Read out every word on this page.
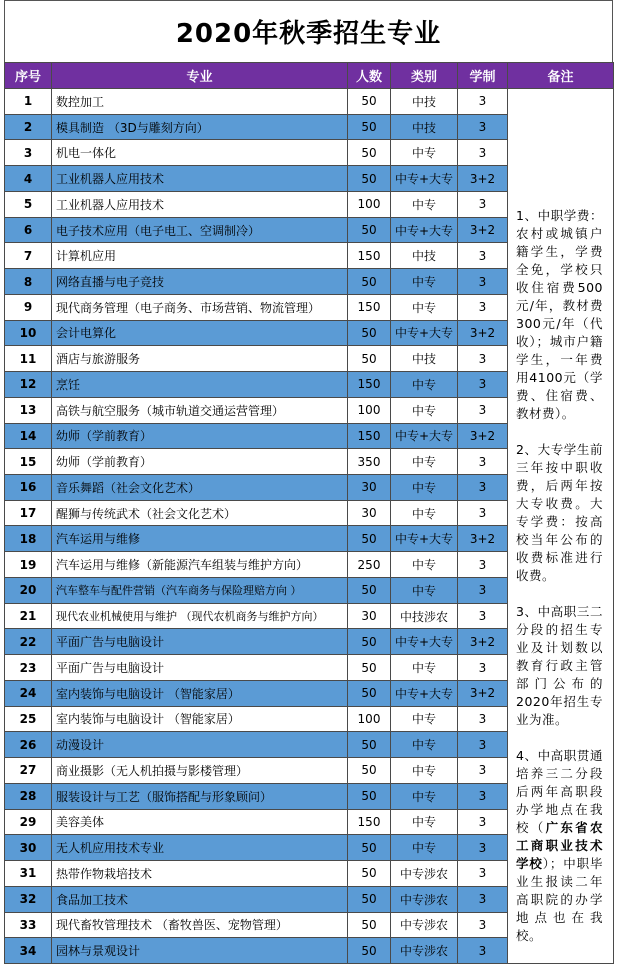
2020年秋季招生专业
序号	专业	人数	类别	学制	备注
1	数控加工	50	中技	3	1、中职学费：农村或城镇户籍学生，学费全免，学校只收住宿费500元/年，教材费300元/年（代收）；城市户籍学生，一年费用4100元（学费、住宿费、教材费）。

2、大专学生前三年按中职收费，后两年按大专收费。大专学费：按高校当年公布的收费标准进行收费。

3、中高职三二分段的招生专业及计划数以教育行政主管部门公布的2020年招生专业为准。

4、中高职贯通培养三二分段后两年高职段办学地点在我校（广东省农工商职业技术学校）；中职毕业生报读二年高职院的办学地点也在我校。

2	模具制造 （3D与雕刻方向）	50	中技	3	
3	机电一体化	50	中专	3	
4	工业机器人应用技术	50	中专+大专	3+2	
5	工业机器人应用技术	100	中专	3	
6	电子技术应用（电子电工、空调制冷）	50	中专+大专	3+2	
7	计算机应用	150	中技	3	
8	网络直播与电子竞技	50	中专	3	
9	现代商务管理（电子商务、市场营销、物流管理）	150	中专	3	
10	会计电算化	50	中专+大专	3+2	
11	酒店与旅游服务	50	中技	3	
12	烹饪	150	中专	3	
13	高铁与航空服务（城市轨道交通运营管理）	100	中专	3	
14	幼师（学前教育）	150	中专+大专	3+2	
15	幼师（学前教育）	350	中专	3	
16	音乐舞蹈（社会文化艺术）	30	中专	3	
17	醒狮与传统武术（社会文化艺术）	30	中专	3	
18	汽车运用与维修	50	中专+大专	3+2	
19	汽车运用与维修（新能源汽车组装与维护方向）	250	中专	3	
20	汽车整车与配件营销（汽车商务与保险理赔方向 ）	50	中专	3	
21	现代农业机械使用与维护 （现代农机商务与维护方向）	30	中技涉农	3	
22	平面广告与电脑设计	50	中专+大专	3+2	
23	平面广告与电脑设计	50	中专	3	
24	室内装饰与电脑设计 （智能家居）	50	中专+大专	3+2	
25	室内装饰与电脑设计 （智能家居）	100	中专	3	
26	动漫设计	50	中专	3	
27	商业摄影（无人机拍摄与影楼管理）	50	中专	3	
28	服装设计与工艺（服饰搭配与形象顾问）	50	中专	3	
29	美容美体	150	中专	3	
30	无人机应用技术专业	50	中专	3	
31	热带作物栽培技术	50	中专涉农	3	
32	食品加工技术	50	中专涉农	3	
33	现代畜牧管理技术 （畜牧兽医、宠物管理）	50	中专涉农	3	
34	园林与景观设计	50	中专涉农	3	
